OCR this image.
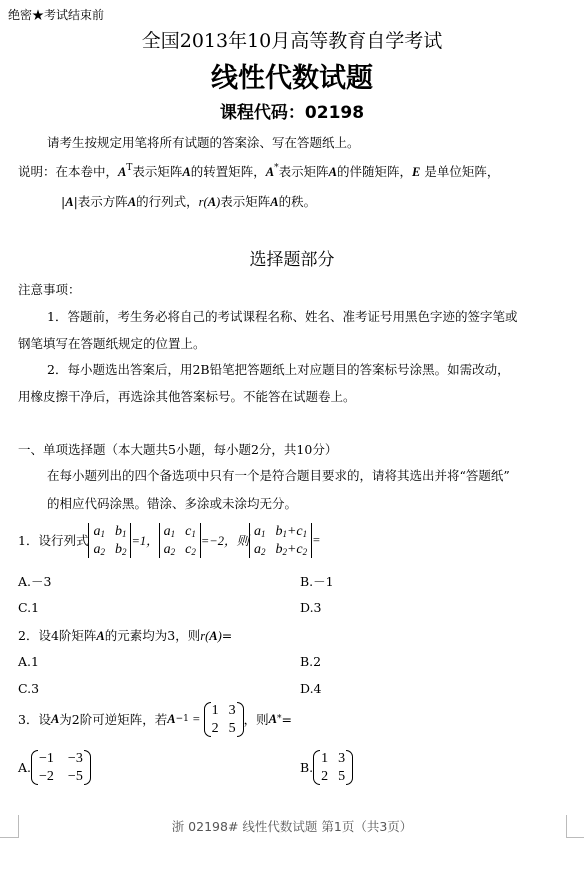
绝密★考试结束前
全国2013年10月高等教育自学考试
线性代数试题
课程代码：02198
请考生按规定用笔将所有试题的答案涂、写在答题纸上。
说明：在本卷中，$A^T$表示矩阵A的转置矩阵，A*表示矩阵A的伴随矩阵，E 是单位矩阵，
|A|表示方阵A的行列式，r(A)表示矩阵A的秩。
选择题部分
注意事项：
1．答题前，考生务必将自己的考试课程名称、姓名、准考证号用黑色字迹的签字笔或
钢笔填写在答题纸规定的位置上。
2．每小题选出答案后，用2B铅笔把答题纸上对应题目的答案标号涂黑。如需改动，
用橡皮擦干净后，再选涂其他答案标号。不能答在试题卷上。
一、单项选择题（本大题共5小题，每小题2分，共10分）
在每小题列出的四个备选项中只有一个是符合题目要求的，请将其选出并将“答题纸”
的相应代码涂黑。错涂、多涂或未涂均无分。
1．设行列式
$a_1$ $b_1$
$a_2$ $b_2$
=1，
$a_1$ $c_1$
$a_2$ $c_2$
=−2，则
$a_1$ $b_1+c_1$
$a_2$ $b_2+c_2$
=
A.－3	B.－1
C.1	D.3
2．设4阶矩阵A的元素均为3，则r(A)=
A.1	B.2
C.3	D.4
3．设 A 为2阶可逆矩阵，若 A −1 =
1 3
2 5
，则 A * =
A.
−1 −3
−2 −5
B.
1 3
2 5
浙 02198# 线性代数试题 第1页（共3页）
